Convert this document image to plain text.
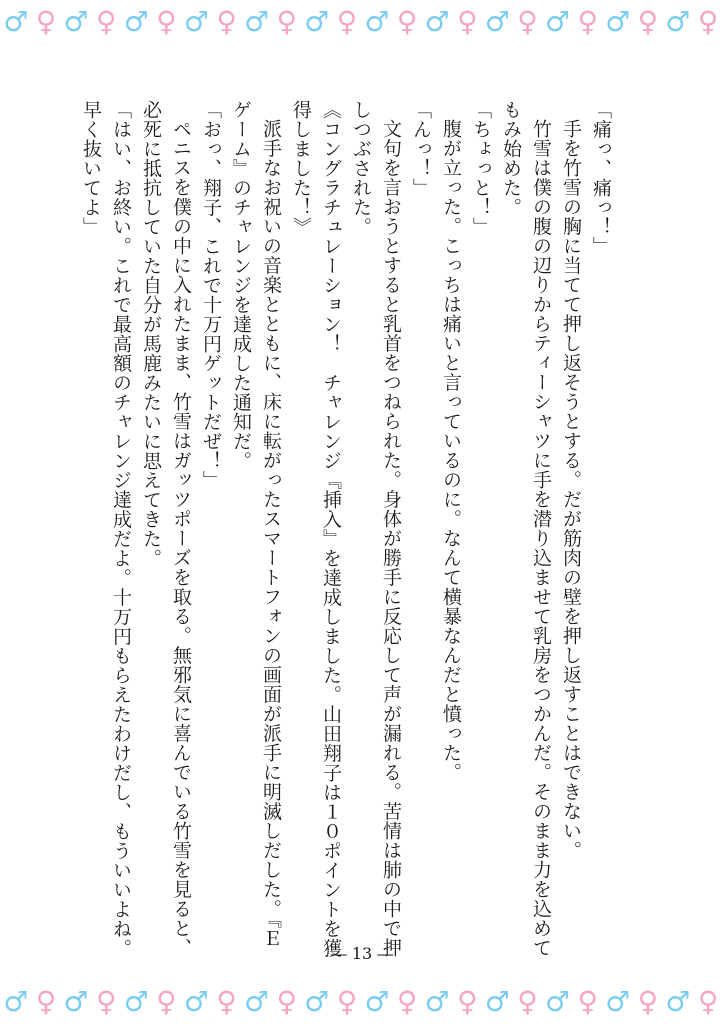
♂ ♀ ♂ ♀ ♂ ♀ ♂ ♀ ♂ ♀ ♂ ♀ ♂ ♀ ♂ ♀ ♂ ♀ ♂ ♀ ♂ ♀ ♂ ♀

「痛っ、痛っ！」

手を竹雪の胸に当てて押し返そうとする。だが筋肉の壁を押し返すことはできない。

竹雪は僕の腹の辺りからティーシャツに手を潜り込ませて乳房をつかんだ。そのまま力を込めてもみ始めた。

「ちょっと！」

腹が立った。こっちは痛いと言っているのに。なんて横暴なんだと憤った。

「んっ！」

文句を言おうとすると乳首をつねられた。身体が勝手に反応して声が漏れる。苦情は肺の中で押しつぶされた。

《コングラチュレーション！　チャレンジ『挿入』を達成しました。山田翔子は１０ポイントを獲得しました！》

派手なお祝いの音楽とともに、床に転がったスマートフォンの画面が派手に明滅しだした。『Ｅゲーム』のチャレンジを達成した通知だ。

「おっ、翔子、これで十万円ゲットだぜ！」

ペニスを僕の中に入れたまま、竹雪はガッツポーズを取る。無邪気に喜んでいる竹雪を見ると、必死に抵抗していた自分が馬鹿みたいに思えてきた。

「はい、お終い。これで最高額のチャレンジ達成だよ。十万円もらえたわけだし、もういいよね。早く抜いてよ」

― 13 ―
♂ ♀ ♂ ♀ ♂ ♀ ♂ ♀ ♂ ♀ ♂ ♀ ♂ ♀ ♂ ♀ ♂ ♀ ♂ ♀ ♂ ♀ ♂ ♀
